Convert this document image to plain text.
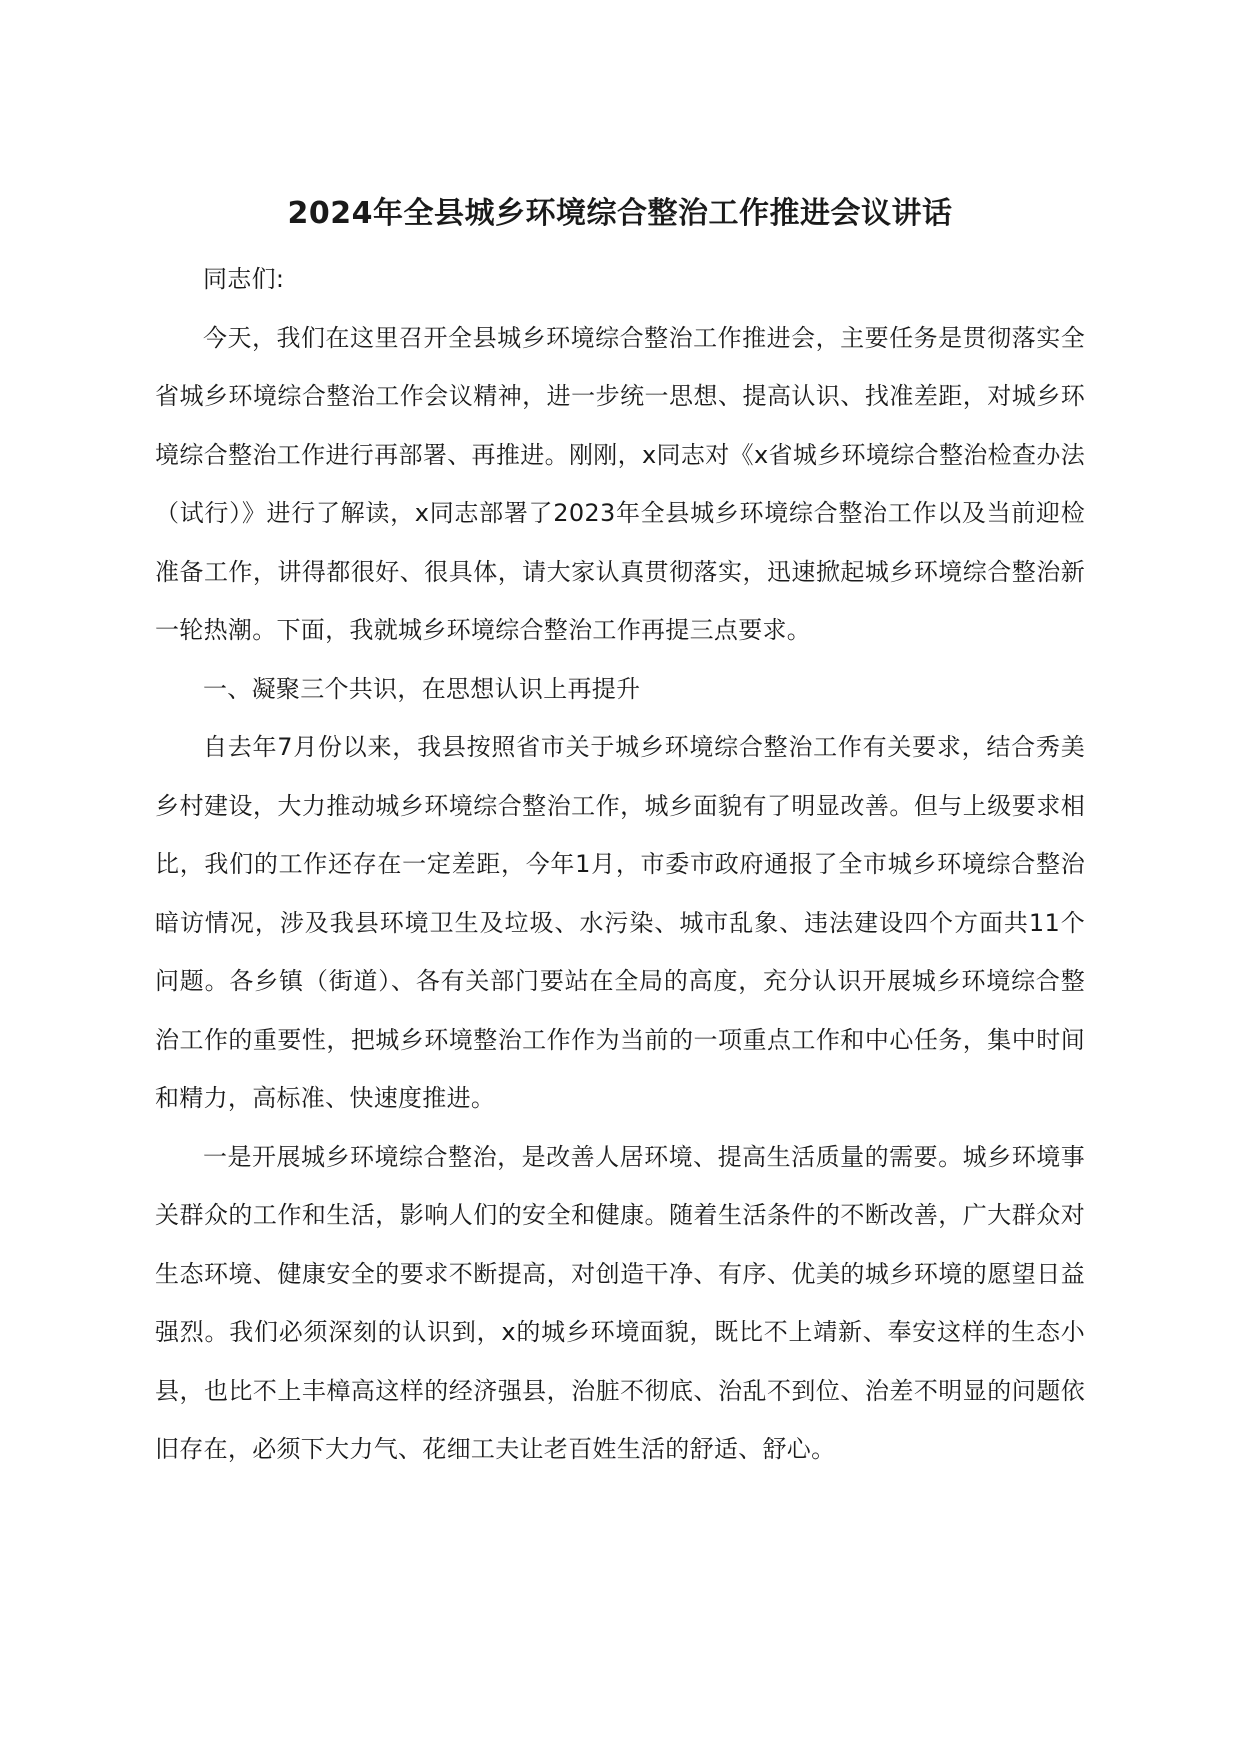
2024年全县城乡环境综合整治工作推进会议讲话

同志们:

今天，我们在这里召开全县城乡环境综合整治工作推进会，主要任务是贯彻落实全省城乡环境综合整治工作会议精神，进一步统一思想、提高认识、找准差距，对城乡环境综合整治工作进行再部署、再推进。刚刚，x同志对《x省城乡环境综合整治检查办法（试行）》进行了解读，x同志部署了2023年全县城乡环境综合整治工作以及当前迎检准备工作，讲得都很好、很具体，请大家认真贯彻落实，迅速掀起城乡环境综合整治新一轮热潮。下面，我就城乡环境综合整治工作再提三点要求。

一、凝聚三个共识，在思想认识上再提升

自去年7月份以来，我县按照省市关于城乡环境综合整治工作有关要求，结合秀美乡村建设，大力推动城乡环境综合整治工作，城乡面貌有了明显改善。但与上级要求相比，我们的工作还存在一定差距，今年1月，市委市政府通报了全市城乡环境综合整治暗访情况，涉及我县环境卫生及垃圾、水污染、城市乱象、违法建设四个方面共11个问题。各乡镇（街道）、各有关部门要站在全局的高度，充分认识开展城乡环境综合整治工作的重要性，把城乡环境整治工作作为当前的一项重点工作和中心任务，集中时间和精力，高标准、快速度推进。

一是开展城乡环境综合整治，是改善人居环境、提高生活质量的需要。城乡环境事关群众的工作和生活，影响人们的安全和健康。随着生活条件的不断改善，广大群众对生态环境、健康安全的要求不断提高，对创造干净、有序、优美的城乡环境的愿望日益强烈。我们必须深刻的认识到，x的城乡环境面貌，既比不上靖新、奉安这样的生态小县，也比不上丰樟高这样的经济强县，治脏不彻底、治乱不到位、治差不明显的问题依旧存在，必须下大力气、花细工夫让老百姓生活的舒适、舒心。
